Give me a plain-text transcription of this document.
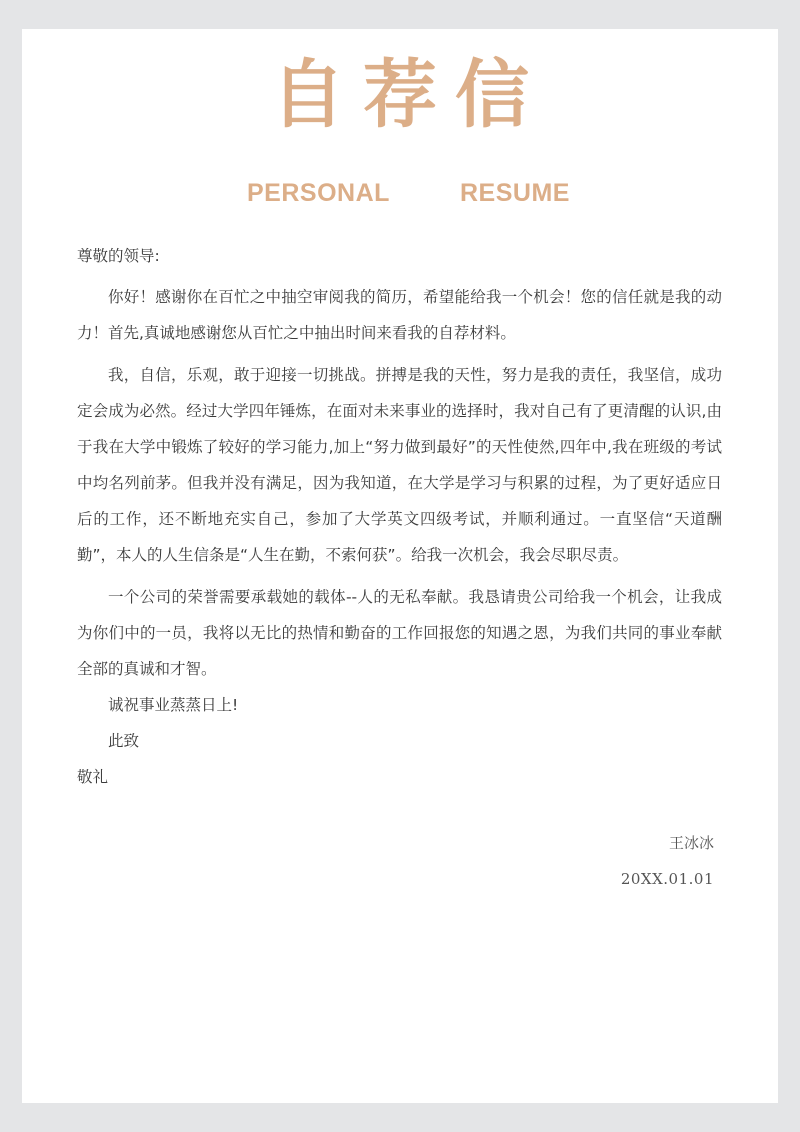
自荐信
PERSONAL	RESUME

尊敬的领导:

你好！感谢你在百忙之中抽空审阅我的简历，希望能给我一个机会！您的信任就是我的动力！首先,真诚地感谢您从百忙之中抽出时间来看我的自荐材料。

我，自信，乐观，敢于迎接一切挑战。拼搏是我的天性，努力是我的责任，我坚信，成功定会成为必然。经过大学四年锤炼，在面对未来事业的选择时，我对自己有了更清醒的认识,由于我在大学中锻炼了较好的学习能力,加上“努力做到最好”的天性使然,四年中,我在班级的考试中均名列前茅。但我并没有满足，因为我知道，在大学是学习与积累的过程，为了更好适应日后的工作，还不断地充实自己，参加了大学英文四级考试，并顺利通过。一直坚信“天道酬勤”，本人的人生信条是“人生在勤，不索何获”。给我一次机会，我会尽职尽责。

一个公司的荣誉需要承载她的载体--人的无私奉献。我恳请贵公司给我一个机会，让我成为你们中的一员，我将以无比的热情和勤奋的工作回报您的知遇之恩，为我们共同的事业奉献全部的真诚和才智。

诚祝事业蒸蒸日上!

此致

敬礼

王冰冰
20XX.01.01
